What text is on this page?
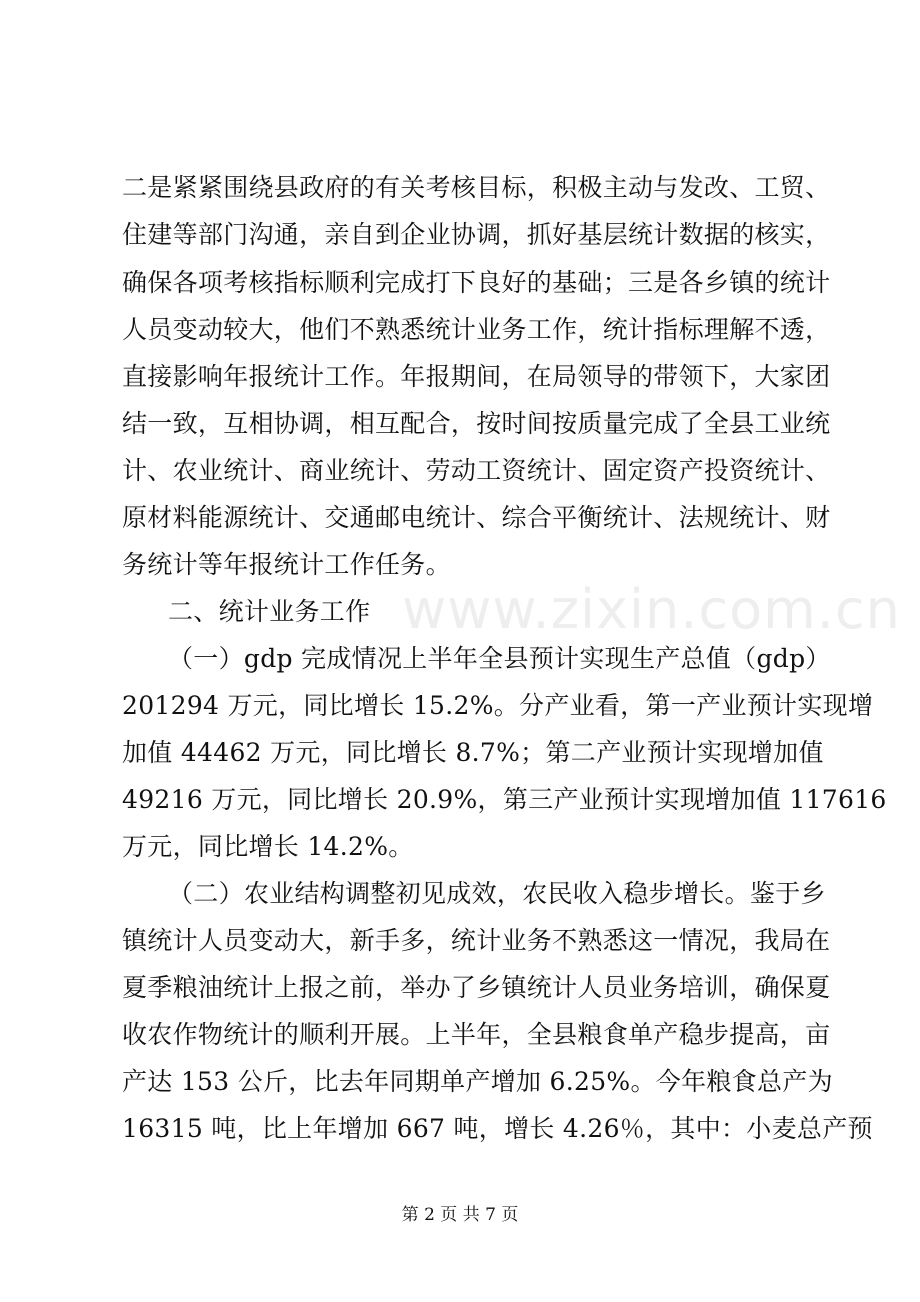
www.zixin.com.cn
二是紧紧围绕县政府的有关考核目标，积极主动与发改、工贸、
住建等部门沟通，亲自到企业协调，抓好基层统计数据的核实，
确保各项考核指标顺利完成打下良好的基础；三是各乡镇的统计
人员变动较大，他们不熟悉统计业务工作，统计指标理解不透，
直接影响年报统计工作。年报期间，在局领导的带领下，大家团
结一致，互相协调，相互配合，按时间按质量完成了全县工业统
计、农业统计、商业统计、劳动工资统计、固定资产投资统计、
原材料能源统计、交通邮电统计、综合平衡统计、法规统计、财
务统计等年报统计工作任务。
二、统计业务工作
（一）gdp 完成情况上半年全县预计实现生产总值（gdp）
201294 万元，同比增长 15.2%。分产业看，第一产业预计实现增
加值 44462 万元，同比增长 8.7%；第二产业预计实现增加值
49216 万元，同比增长 20.9%，第三产业预计实现增加值 117616
万元，同比增长 14.2%。
（二）农业结构调整初见成效，农民收入稳步增长。鉴于乡
镇统计人员变动大，新手多，统计业务不熟悉这一情况，我局在
夏季粮油统计上报之前，举办了乡镇统计人员业务培训，确保夏
收农作物统计的顺利开展。上半年，全县粮食单产稳步提高，亩
产达 153 公斤，比去年同期单产增加 6.25%。今年粮食总产为
16315 吨，比上年增加 667 吨，增长 4.26％，其中：小麦总产预
第 2 页 共 7 页
